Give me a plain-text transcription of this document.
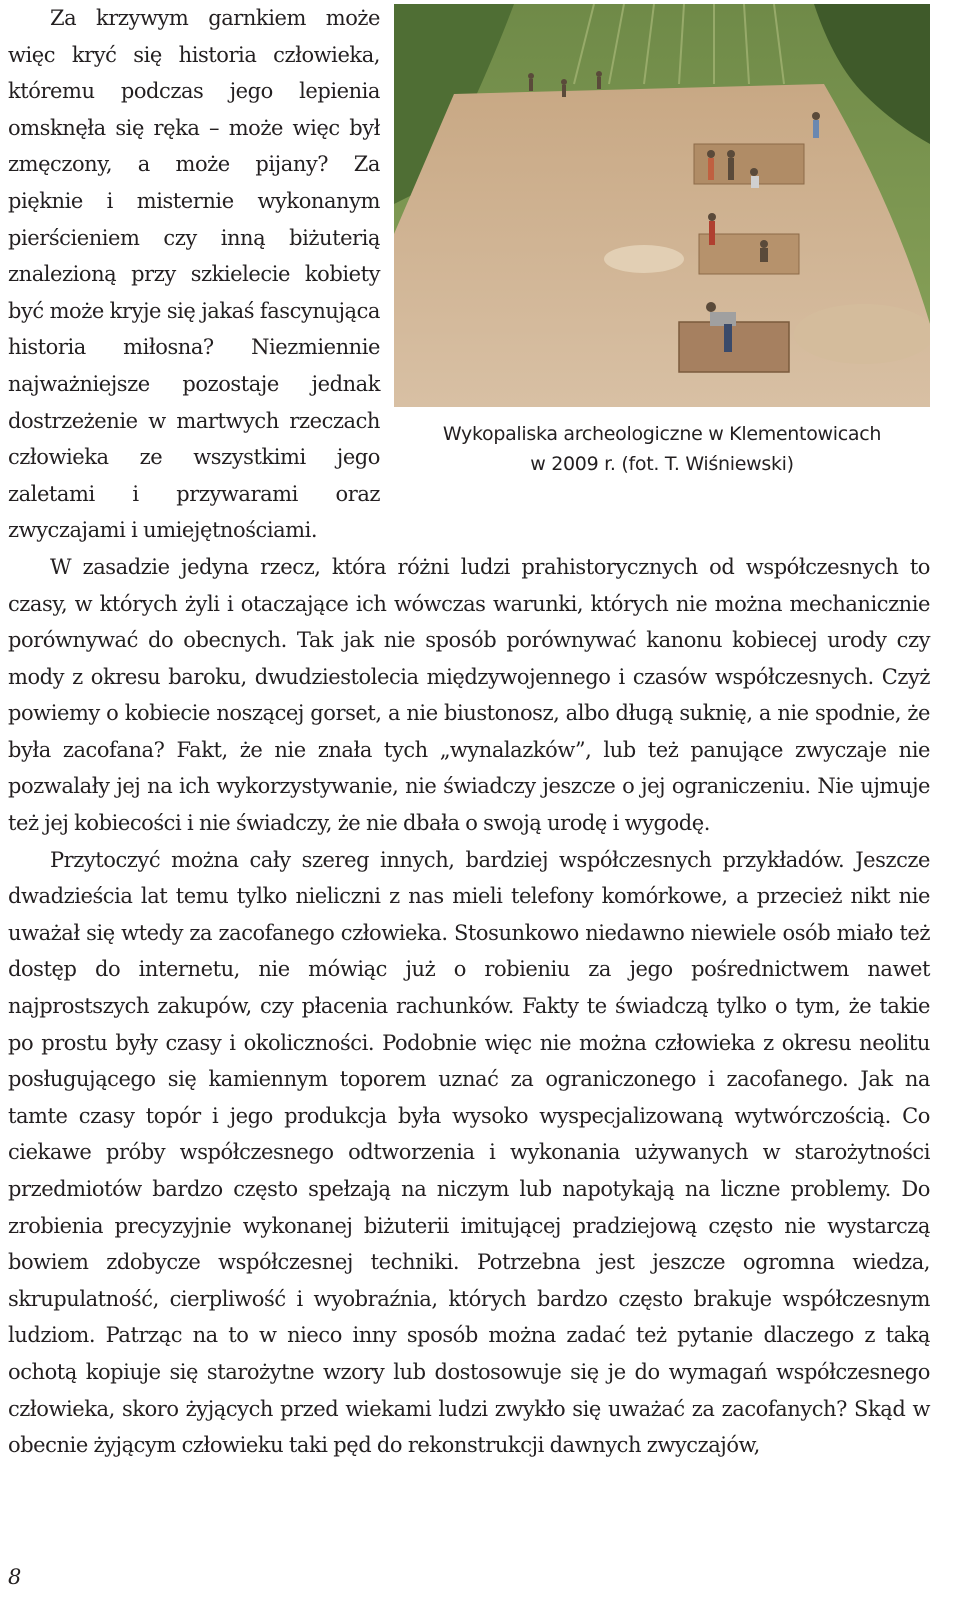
Wykopaliska archeologiczne w Klementowicach
w 2009 r. (fot. T. Wiśniewski)

Za krzywym garnkiem może więc kryć się historia człowieka, któremu podczas jego lepienia omsknęła się ręka – może więc był zmęczony, a może pijany? Za pięknie i misternie wykonanym pierścieniem czy inną biżuterią znalezioną przy szkielecie kobiety być może kryje się jakaś fascynująca historia miłosna? Niezmiennie najważniejsze pozostaje jednak dostrzeżenie w martwych rzeczach człowieka ze wszystkimi jego zaletami i przywarami oraz zwyczajami i umiejętnościami.

W zasadzie jedyna rzecz, która różni ludzi prahistorycznych od współczesnych to czasy, w których żyli i otaczające ich wówczas warunki, których nie można mechanicznie porównywać do obecnych. Tak jak nie sposób porównywać kanonu kobiecej urody czy mody z okresu baroku, dwudziestolecia międzywojennego i czasów współczesnych. Czyż powiemy o kobiecie noszącej gorset, a nie biustonosz, albo długą suknię, a nie spodnie, że była zacofana? Fakt, że nie znała tych „wynalazków”, lub też panujące zwyczaje nie pozwalały jej na ich wykorzystywanie, nie świadczy jeszcze o jej ograniczeniu. Nie ujmuje też jej kobiecości i nie świadczy, że nie dbała o swoją urodę i wygodę.

Przytoczyć można cały szereg innych, bardziej współczesnych przykładów. Jeszcze dwadzieścia lat temu tylko nieliczni z nas mieli telefony komórkowe, a przecież nikt nie uważał się wtedy za zacofanego człowieka. Stosunkowo niedawno niewiele osób miało też dostęp do internetu, nie mówiąc już o robieniu za jego pośrednictwem nawet najprostszych zakupów, czy płacenia rachunków. Fakty te świadczą tylko o tym, że takie po prostu były czasy i okoliczności. Podobnie więc nie można człowieka z okresu neolitu posługującego się kamiennym toporem uznać za ograniczonego i zacofanego. Jak na tamte czasy topór i jego produkcja była wysoko wyspecjalizowaną wytwórczością. Co ciekawe próby współczesnego odtworzenia i wykonania używanych w starożytności przedmiotów bardzo często spełzają na niczym lub napotykają na liczne problemy. Do zrobienia precyzyjnie wykonanej biżuterii imitującej pradziejową często nie wystarczą bowiem zdobycze współczesnej techniki. Potrzebna jest jeszcze ogromna wiedza, skrupulatność, cierpliwość i wyobraźnia, których bardzo często brakuje współczesnym ludziom. Patrząc na to w nieco inny sposób można zadać też pytanie dlaczego z taką ochotą kopiuje się starożytne wzory lub dostosowuje się je do wymagań współczesnego człowieka, skoro żyjących przed wiekami ludzi zwykło się uważać za zacofanych? Skąd w obecnie żyjącym człowieku taki pęd do rekonstrukcji dawnych zwyczajów,

8
